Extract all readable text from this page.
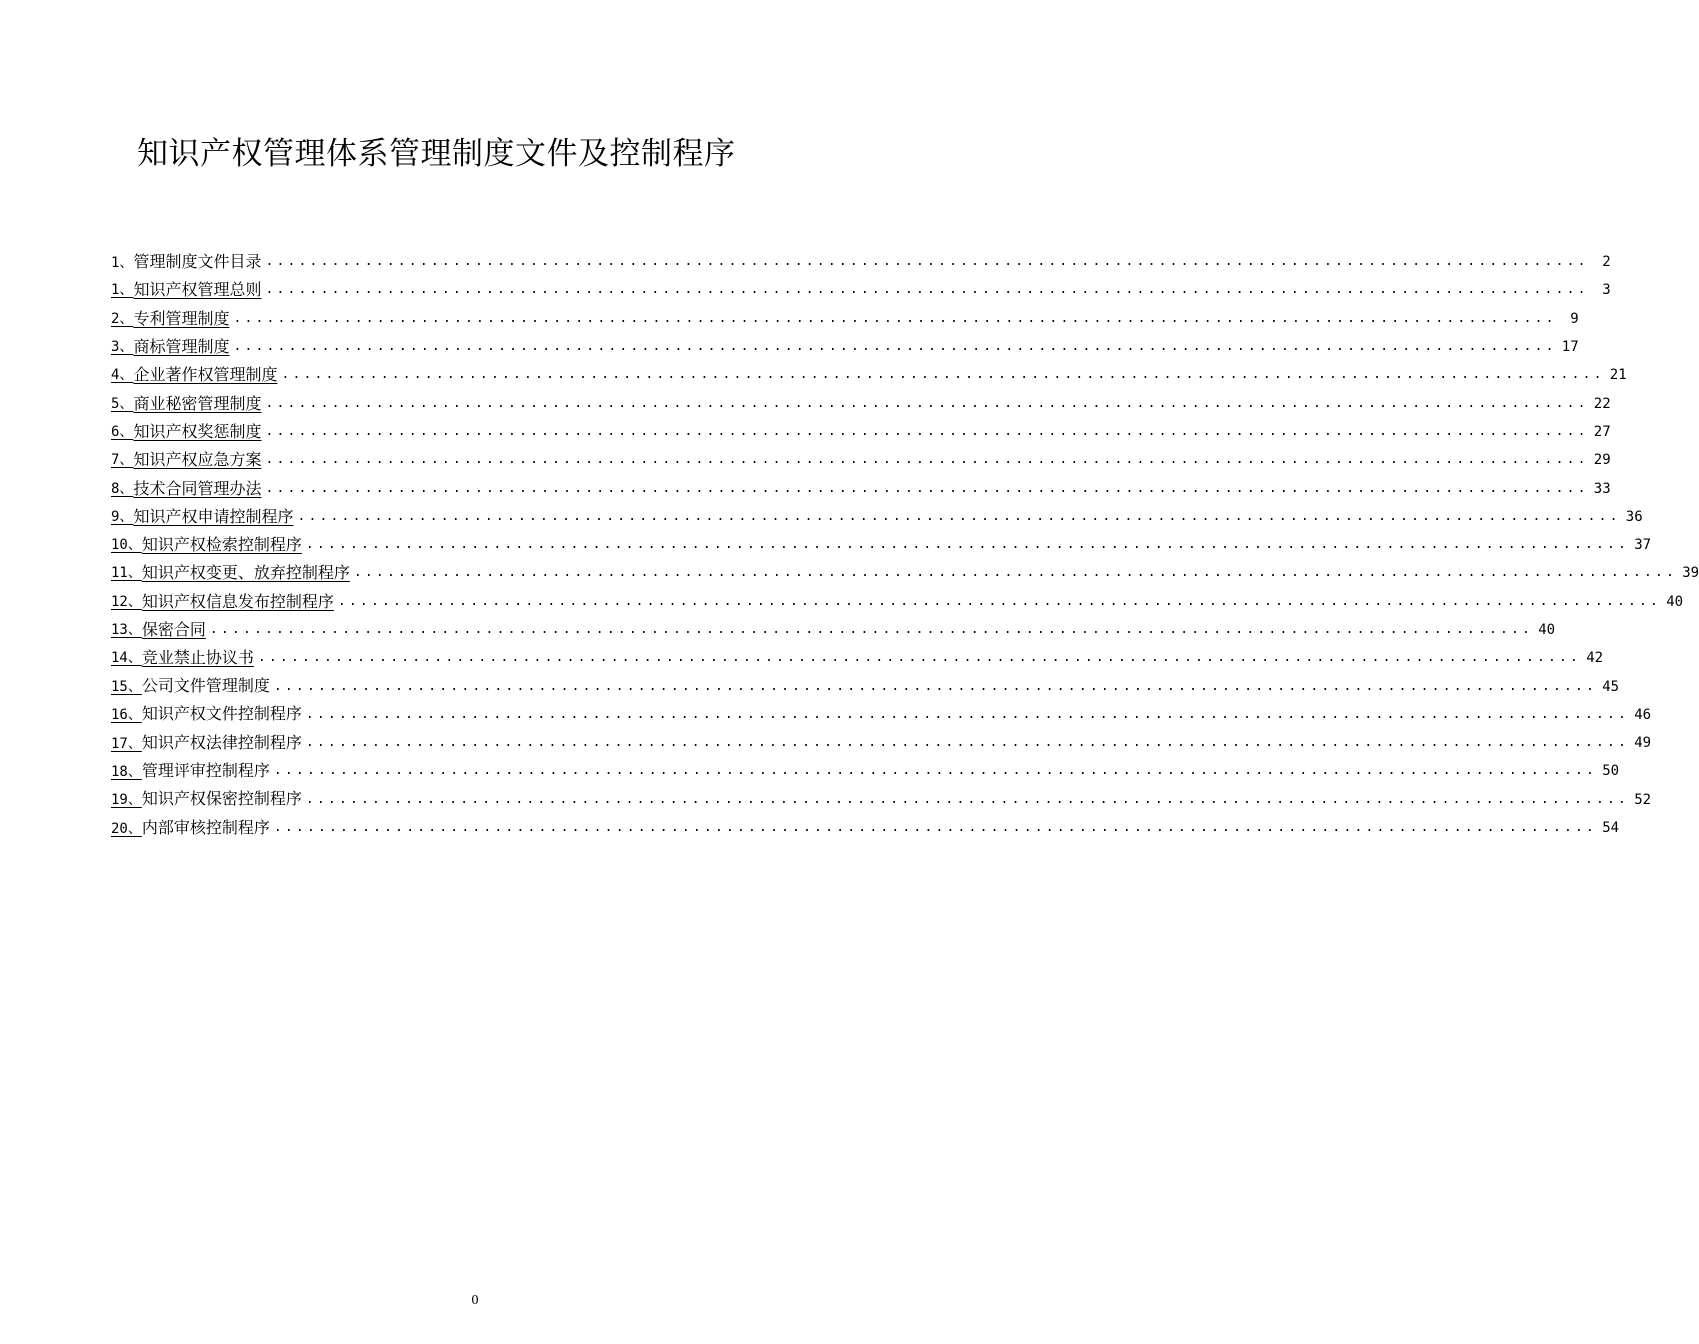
知识产权管理体系管理制度文件及控制程序
1、管理制度文件目录 ........................................................................................................................ 2
1、 知识产权管理总则 ........................................................................................................................ 3
2、 专利管理制度 ........................................................................................................................ 9
3、 商标管理制度 ........................................................................................................................ 17
4、 企业著作权管理制度 ........................................................................................................................ 21
5、 商业秘密管理制度 ........................................................................................................................ 22
6、 知识产权奖惩制度 ........................................................................................................................ 27
7、 知识产权应急方案 ........................................................................................................................ 29
8、 技术合同管理办法 ........................................................................................................................ 33
9、 知识产权申请控制程序 ........................................................................................................................ 36
10、 知识产权检索控制程序 ........................................................................................................................ 37
11、 知识产权变更、放弃控制程序 ........................................................................................................................ 39
12、 知识产权信息发布控制程序 ........................................................................................................................ 40
13、 保密合同 ........................................................................................................................ 40
14、 竞业禁止协议书 ........................................................................................................................ 42
15、公司文件管理制度 ........................................................................................................................ 45
16、知识产权文件控制程序 ........................................................................................................................ 46
17、知识产权法律控制程序 ........................................................................................................................ 49
18、管理评审控制程序 ........................................................................................................................ 50
19、知识产权保密控制程序 ........................................................................................................................ 52
20、内部审核控制程序 ........................................................................................................................ 54
0
